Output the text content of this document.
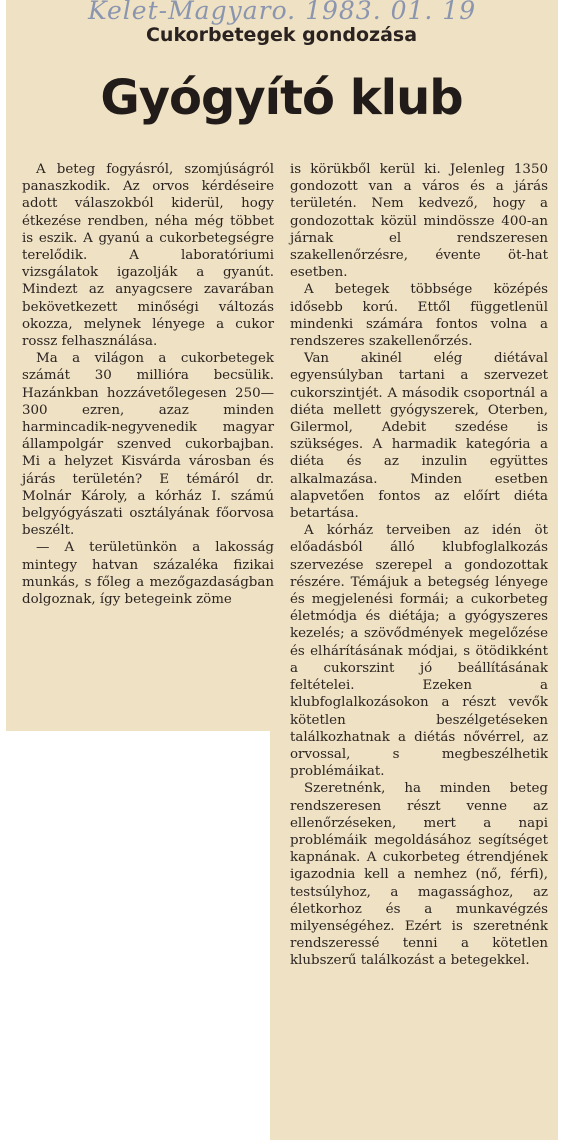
Kelet-Magyaro. 1983. 01. 19
Cukorbetegek gondozása
Gyógyító klub

A beteg fogyásról, szomjúságról panaszkodik. Az orvos kérdéseire adott válaszokból kiderül, hogy étkezése rendben, néha még többet is eszik. A gyanú a cukorbetegségre terelődik. A laboratóriumi vizsgálatok igazolják a gyanút. Mindezt az anyagcsere zavarában bekövetkezett minőségi változás okozza, melynek lényege a cukor rossz felhasználása.

Ma a világon a cukorbetegek számát 30 millióra becsülik. Hazánkban hozzávetőlegesen 250—300 ezren, azaz minden harmincadik-negyvenedik magyar állampolgár szenved cukorbajban. Mi a helyzet Kisvárda városban és járás területén? E témáról dr. Molnár Károly, a kórház I. számú belgyógyászati osztályának főorvosa beszélt.

— A területünkön a lakosság mintegy hatvan százaléka fizikai munkás, s főleg a mezőgazdaságban dolgoznak, így betegeink zöme

is körükből kerül ki. Jelenleg 1350 gondozott van a város és a járás területén. Nem kedvező, hogy a gondozottak közül mindössze 400-an járnak el rendszeresen szakellenőrzésre, évente öt-hat esetben.

A betegek többsége középés idősebb korú. Ettől függetlenül mindenki számára fontos volna a rendszeres szakellenőrzés.

Van akinél elég diétával egyensúlyban tartani a szervezet cukorszintjét. A második csoportnál a diéta mellett gyógyszerek, Oterben, Gilermol, Adebit szedése is szükséges. A harmadik kategória a diéta és az inzulin együttes alkalmazása. Minden esetben alapvetően fontos az előírt diéta betartása.

A kórház terveiben az idén öt előadásból álló klubfoglalkozás szervezése szerepel a gondozottak részére. Témájuk a betegség lényege és megjelenési formái; a cukorbeteg életmódja és diétája; a gyógyszeres kezelés; a szövődmények megelőzése és elhárításának módjai, s ötödikként a cukorszint jó beállításának feltételei. Ezeken a klubfoglalkozásokon a részt vevők kötetlen beszélgetéseken találkozhatnak a diétás nővérrel, az orvossal, s megbeszélhetik problémáikat.

Szeretnénk, ha minden beteg rendszeresen részt venne az ellenőrzéseken, mert a napi problémáik megoldásához segítséget kapnának. A cukorbeteg étrendjének igazodnia kell a nemhez (nő, férfi), testsúlyhoz, a magassághoz, az életkorhoz és a munkavégzés milyenségéhez. Ezért is szeretnénk rendszeressé tenni a kötetlen klubszerű találkozást a betegekkel.
